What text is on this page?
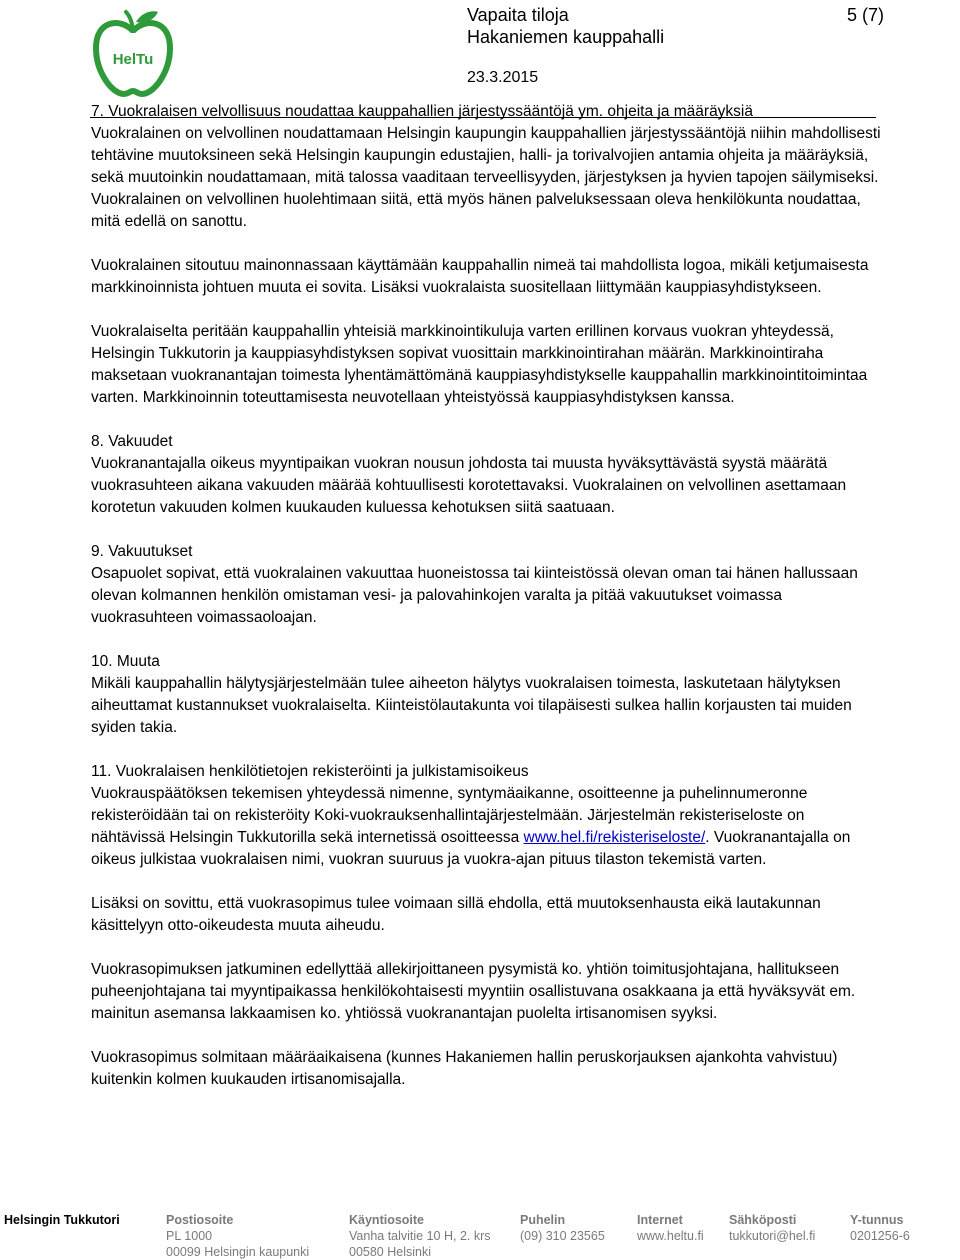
HelTu
Vapaita tiloja	5 (7)
Hakaniemen kauppahalli
23.3.2015

7. Vuokralaisen velvollisuus noudattaa kauppahallien järjestyssääntöjä ym. ohjeita ja määräyksiä
Vuokralainen on velvollinen noudattamaan Helsingin kaupungin kauppahallien järjestyssääntöjä niihin mahdollisesti tehtävine muutoksineen sekä Helsingin kaupungin edustajien, halli- ja torivalvojien antamia ohjeita ja määräyksiä, sekä muutoinkin noudattamaan, mitä talossa vaaditaan terveellisyyden, järjestyksen ja hyvien tapojen säilymiseksi. Vuokralainen on velvollinen huolehtimaan siitä, että myös hänen palveluksessaan oleva henkilökunta noudattaa, mitä edellä on sanottu.

Vuokralainen sitoutuu mainonnassaan käyttämään kauppahallin nimeä tai mahdollista logoa, mikäli ketjumaisesta markkinoinnista johtuen muuta ei sovita. Lisäksi vuokralaista suositellaan liittymään kauppiasyhdistykseen.

Vuokralaiselta peritään kauppahallin yhteisiä markkinointikuluja varten erillinen korvaus vuokran yhteydessä, Helsingin Tukkutorin ja kauppiasyhdistyksen sopivat vuosittain markkinointirahan määrän. Markkinointiraha maksetaan vuokranantajan toimesta lyhentämättömänä kauppiasyhdistykselle kauppahallin markkinointitoimintaa varten. Markkinoinnin toteuttamisesta neuvotellaan yhteistyössä kauppiasyhdistyksen kanssa.

8. Vakuudet
Vuokranantajalla oikeus myyntipaikan vuokran nousun johdosta tai muusta hyväksyttävästä syystä määrätä vuokrasuhteen aikana vakuuden määrää kohtuullisesti korotettavaksi. Vuokralainen on velvollinen asettamaan korotetun vakuuden kolmen kuukauden kuluessa kehotuksen siitä saatuaan.

9. Vakuutukset
Osapuolet sopivat, että vuokralainen vakuuttaa huoneistossa tai kiinteistössä olevan oman tai hänen hallussaan olevan kolmannen henkilön omistaman vesi- ja palovahinkojen varalta ja pitää vakuutukset voimassa vuokrasuhteen voimassaoloajan.

10. Muuta
Mikäli kauppahallin hälytysjärjestelmään tulee aiheeton hälytys vuokralaisen toimesta, laskutetaan hälytyksen aiheuttamat kustannukset vuokralaiselta. Kiinteistölautakunta voi tilapäisesti sulkea hallin korjausten tai muiden syiden takia.

11. Vuokralaisen henkilötietojen rekisteröinti ja julkistamisoikeus
Vuokrauspäätöksen tekemisen yhteydessä nimenne, syntymäaikanne, osoitteenne ja puhelinnumeronne rekisteröidään tai on rekisteröity Koki-vuokrauksenhallintajärjestelmään. Järjestelmän rekisteriseloste on nähtävissä Helsingin Tukkutorilla sekä internetissä osoitteessa www.hel.fi/rekisteriseloste/. Vuokranantajalla on oikeus julkistaa vuokralaisen nimi, vuokran suuruus ja vuokra-ajan pituus tilaston tekemistä varten.

Lisäksi on sovittu, että vuokrasopimus tulee voimaan sillä ehdolla, että muutoksenhausta eikä lautakunnan käsittelyyn otto-oikeudesta muuta aiheudu.

Vuokrasopimuksen jatkuminen edellyttää allekirjoittaneen pysymistä ko. yhtiön toimitusjohtajana, hallitukseen puheenjohtajana tai myyntipaikassa henkilökohtaisesti myyntiin osallistuvana osakkaana ja että hyväksyvät em. mainitun asemansa lakkaamisen ko. yhtiössä vuokranantajan puolelta irtisanomisen syyksi.

Vuokrasopimus solmitaan määräaikaisena (kunnes Hakaniemen hallin peruskorjauksen ajankohta vahvistuu) kuitenkin kolmen kuukauden irtisanomisajalla.

Helsingin Tukkutori	Postiosoite
PL 1000
00099 Helsingin kaupunki
Käyntiosoite
Vanha talvitie 10 H, 2. krs
00580 Helsinki
Puhelin
(09) 310 23565
Internet
www.heltu.fi
Sähköposti
tukkutori@hel.fi
Y-tunnus
0201256-6
